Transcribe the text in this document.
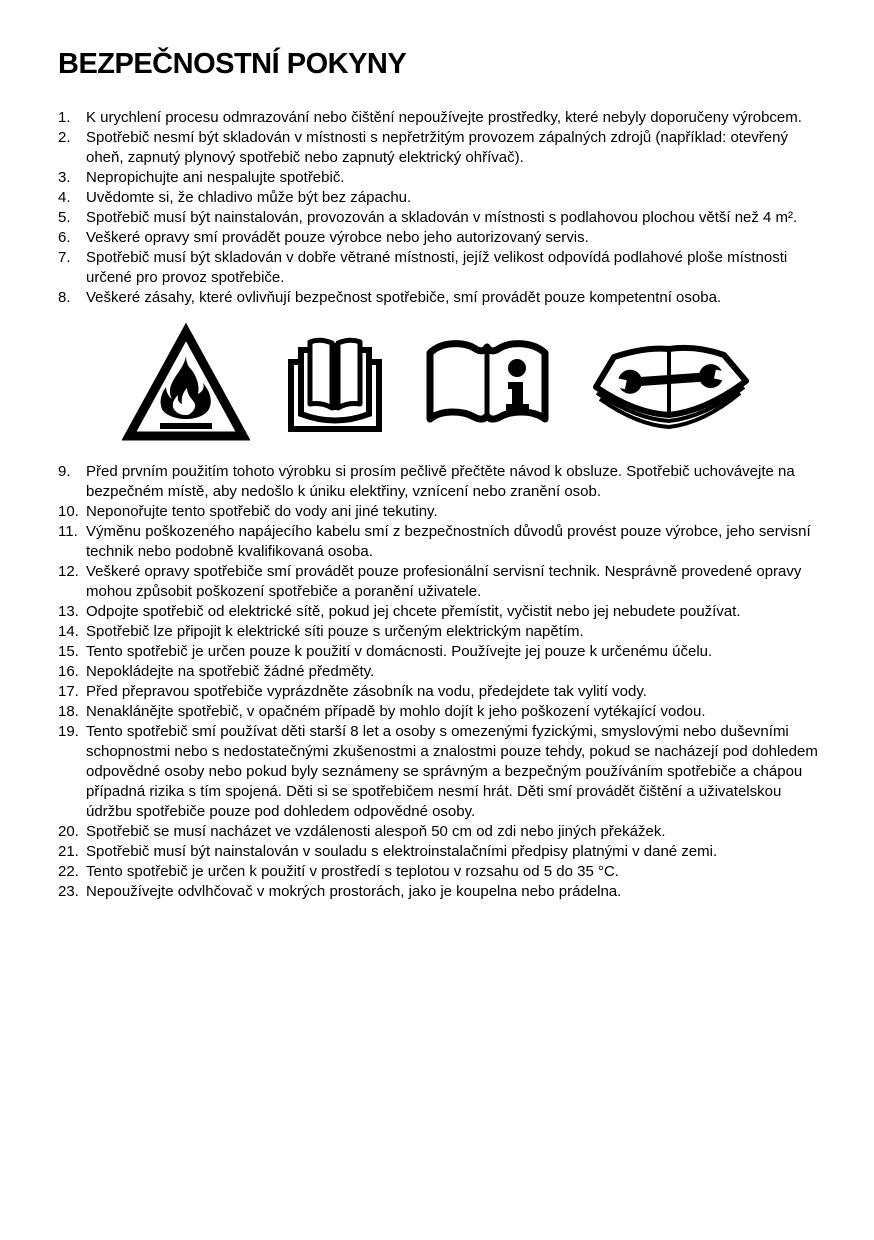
BEZPEČNOSTNÍ POKYNY
1.	K urychlení procesu odmrazování nebo čištění nepoužívejte prostředky, které nebyly doporučeny výrobcem.
2.	Spotřebič nesmí být skladován v místnosti s nepřetržitým provozem zápalných zdrojů (například: otevřený oheň, zapnutý plynový spotřebič nebo zapnutý elektrický ohřívač).
3.	Nepropichujte ani nespalujte spotřebič.
4.	Uvědomte si, že chladivo může být bez zápachu.
5.	Spotřebič musí být nainstalován, provozován a skladován v místnosti s podlahovou plochou větší než 4 m².
6.	Veškeré opravy smí provádět pouze výrobce nebo jeho autorizovaný servis.
7.	Spotřebič musí být skladován v dobře větrané místnosti, jejíž velikost odpovídá podlahové ploše místnosti určené pro provoz spotřebiče.
8.	Veškeré zásahy, které ovlivňují bezpečnost spotřebiče, smí provádět pouze kompetentní osoba.
9.	Před prvním použitím tohoto výrobku si prosím pečlivě přečtěte návod k obsluze. Spotřebič uchovávejte na bezpečném místě, aby nedošlo k úniku elektřiny, vznícení nebo zranění osob.
10. Neponořujte tento spotřebič do vody ani jiné tekutiny.
11. Výměnu poškozeného napájecího kabelu smí z bezpečnostních důvodů provést pouze výrobce, jeho servisní technik nebo podobně kvalifikovaná osoba.
12. Veškeré opravy spotřebiče smí provádět pouze profesionální servisní technik. Nesprávně provedené opravy mohou způsobit poškození spotřebiče a poranění uživatele.
13. Odpojte spotřebič od elektrické sítě, pokud jej chcete přemístit, vyčistit nebo jej nebudete používat.
14. Spotřebič lze připojit k elektrické síti pouze s určeným elektrickým napětím.
15. Tento spotřebič je určen pouze k použití v domácnosti. Používejte jej pouze k určenému účelu.
16. Nepokládejte na spotřebič žádné předměty.
17. Před přepravou spotřebiče vyprázdněte zásobník na vodu, předejdete tak vylití vody.
18. Nenaklánějte spotřebič, v opačném případě by mohlo dojít k jeho poškození vytékající vodou.
19. Tento spotřebič smí používat děti starší 8 let a osoby s omezenými fyzickými, smyslovými nebo duševními schopnostmi nebo s nedostatečnými zkušenostmi a znalostmi pouze tehdy, pokud se nacházejí pod dohledem odpovědné osoby nebo pokud byly seznámeny se správným a bezpečným používáním spotřebiče a chápou případná rizika s tím spojená. Děti si se spotřebičem nesmí hrát. Děti smí provádět čištění a uživatelskou údržbu spotřebiče pouze pod dohledem odpovědné osoby.
20. Spotřebič se musí nacházet ve vzdálenosti alespoň 50 cm od zdi nebo jiných překážek.
21. Spotřebič musí být nainstalován v souladu s elektroinstalačními předpisy platnými v dané zemi.
22. Tento spotřebič je určen k použití v prostředí s teplotou v rozsahu od 5 do 35 °C.
23. Nepoužívejte odvlhčovač v mokrých prostorách, jako je koupelna nebo prádelna.
